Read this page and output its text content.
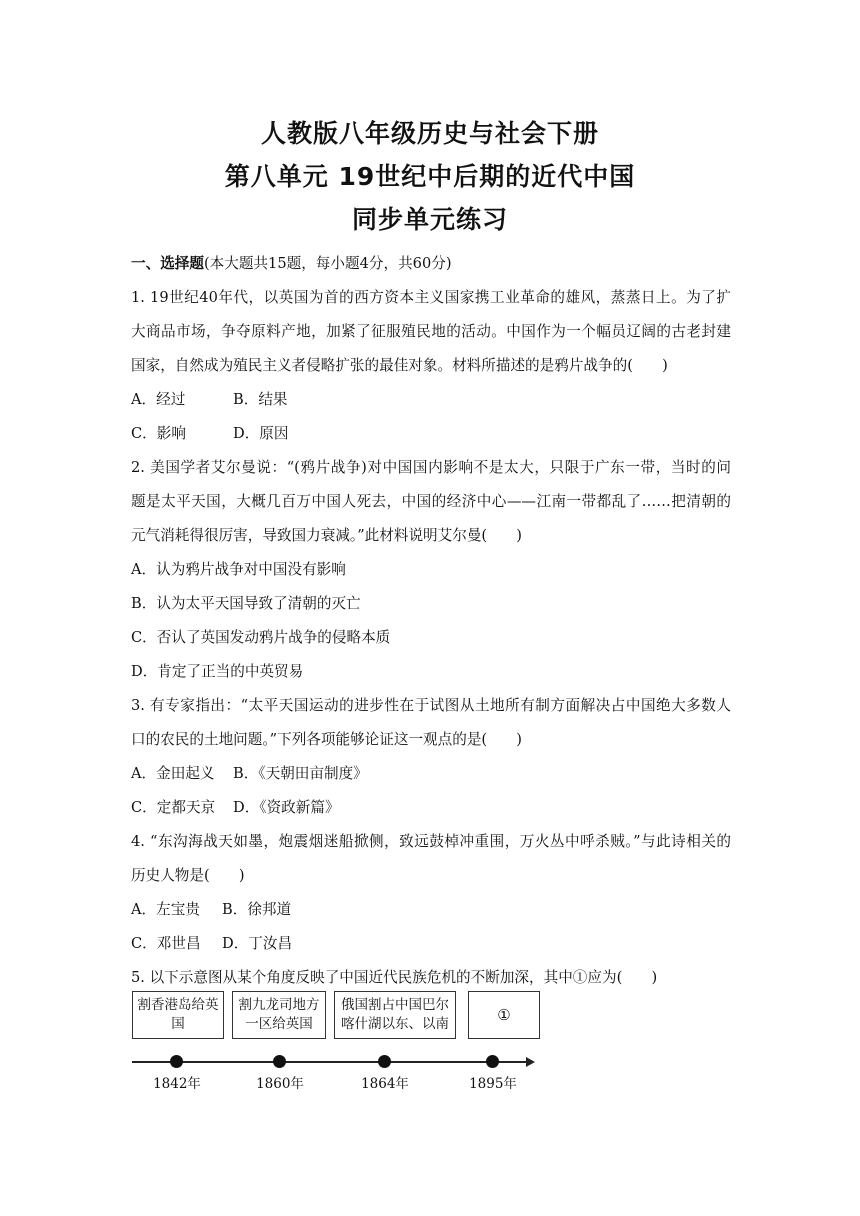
人教版八年级历史与社会下册
第八单元 19世纪中后期的近代中国
同步单元练习
一、选择题(本大题共15题，每小题4分，共60分)
1. 19世纪40年代，以英国为首的西方资本主义国家携工业革命的雄风，蒸蒸日上。为了扩
大商品市场，争夺原料产地，加紧了征服殖民地的活动。中国作为一个幅员辽阔的古老封建
国家，自然成为殖民主义者侵略扩张的最佳对象。材料所描述的是鸦片战争的(　　)
A．经过	B．结果
C．影响	D．原因
2. 美国学者艾尔曼说：“(鸦片战争)对中国国内影响不是太大，只限于广东一带，当时的问
题是太平天国，大概几百万中国人死去，中国的经济中心——江南一带都乱了……把清朝的
元气消耗得很厉害，导致国力衰减。”此材料说明艾尔曼(　　)
A．认为鸦片战争对中国没有影响
B．认为太平天国导致了清朝的灭亡
C．否认了英国发动鸦片战争的侵略本质
D．肯定了正当的中英贸易
3. 有专家指出：“太平天国运动的进步性在于试图从土地所有制方面解决占中国绝大多数人
口的农民的土地问题。”下列各项能够论证这一观点的是(　　)
A．金田起义 B．《天朝田亩制度》
C．定都天京 D．《资政新篇》
4. “东沟海战天如墨，炮震烟迷船掀侧，致远鼓棹冲重围，万火丛中呼杀贼。”与此诗相关的
历史人物是(　　)
A．左宝贵 B．徐邦道
C．邓世昌 D．丁汝昌
5. 以下示意图从某个角度反映了中国近代民族危机的不断加深，其中①应为(　　)
割香港岛给英国
割九龙司地方一区给英国
俄国割占中国巴尔喀什湖以东、以南
①
1842年	1860年	1864年	1895年
